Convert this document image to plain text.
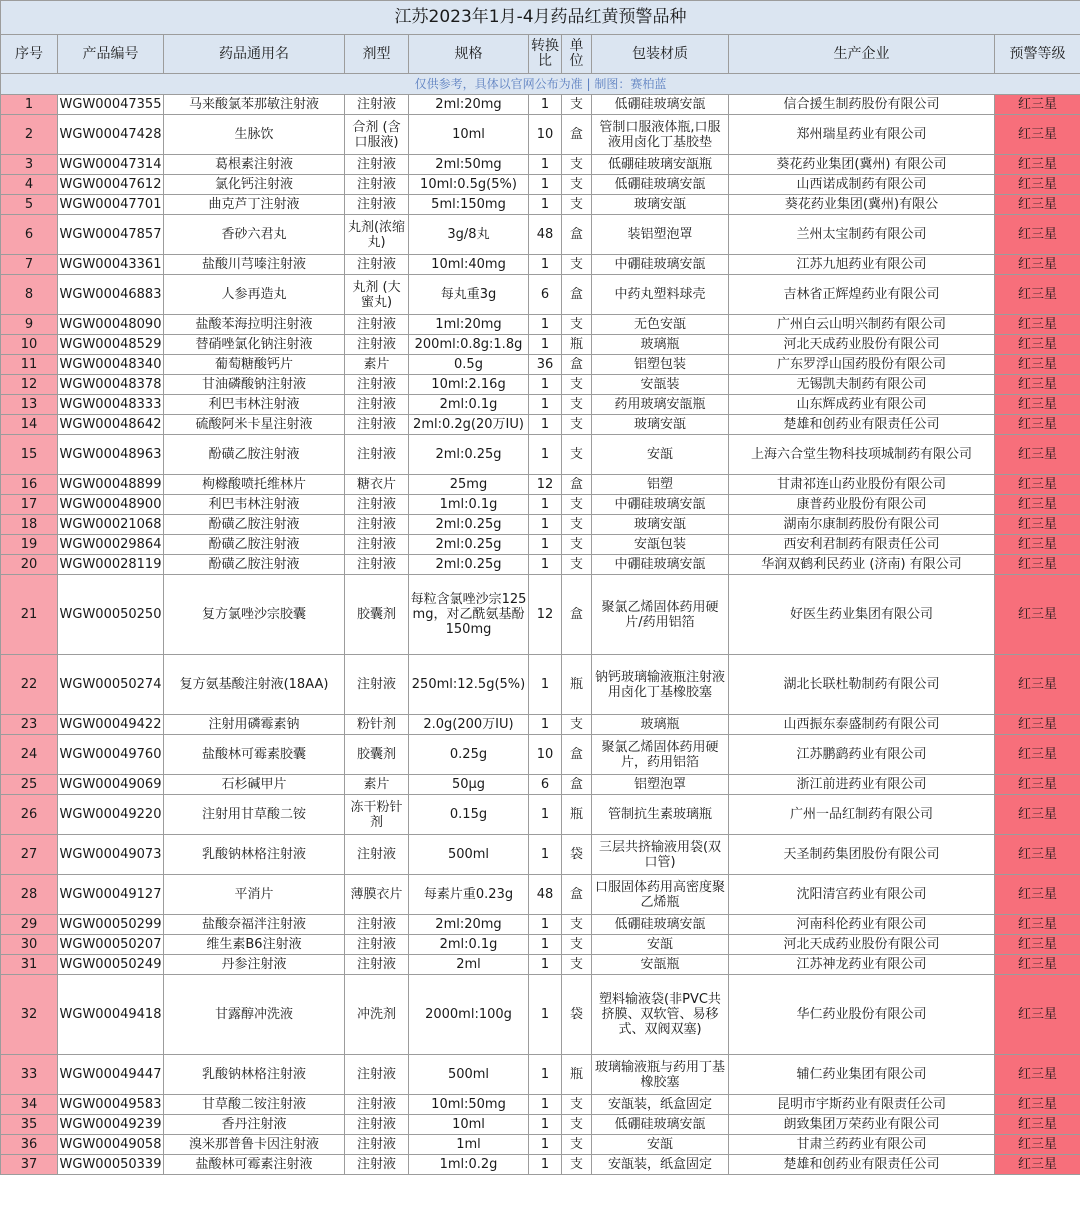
江苏2023年1月-4月药品红黄预警品种									
序号	产品编号	药品通用名	剂型	规格	转换比	单位	包装材质	生产企业	预警等级
仅供参考，具体以官网公布为准 | 制图：赛柏蓝									
1	WGW00047355	马来酸氯苯那敏注射液	注射液	2ml:20mg	1	支	低硼硅玻璃安瓿	信合援生制药股份有限公司	红三星
2	WGW00047428	生脉饮	合剂 (含口服液)	10ml	10	盒	管制口服液体瓶,口服液用卤化丁基胶垫	郑州瑞星药业有限公司	红三星
3	WGW00047314	葛根素注射液	注射液	2ml:50mg	1	支	低硼硅玻璃安瓿瓶	葵花药业集团(冀州) 有限公司	红三星
4	WGW00047612	氯化钙注射液	注射液	10ml:0.5g(5%)	1	支	低硼硅玻璃安瓿	山西诺成制药有限公司	红三星
5	WGW00047701	曲克芦丁注射液	注射液	5ml:150mg	1	支	玻璃安瓿	葵花药业集团(冀州)有限公	红三星
6	WGW00047857	香砂六君丸	丸剂(浓缩丸)	3g/8丸	48	盒	装铝塑泡罩	兰州太宝制药有限公司	红三星
7	WGW00043361	盐酸川芎嗪注射液	注射液	10ml:40mg	1	支	中硼硅玻璃安瓿	江苏九旭药业有限公司	红三星
8	WGW00046883	人参再造丸	丸剂 (大蜜丸)	每丸重3g	6	盒	中药丸塑料球壳	吉林省正辉煌药业有限公司	红三星
9	WGW00048090	盐酸苯海拉明注射液	注射液	1ml:20mg	1	支	无色安瓿	广州白云山明兴制药有限公司	红三星
10	WGW00048529	替硝唑氯化钠注射液	注射液	200ml:0.8g:1.8g	1	瓶	玻璃瓶	河北天成药业股份有限公司	红三星
11	WGW00048340	葡萄糖酸钙片	素片	0.5g	36	盒	铝塑包装	广东罗浮山国药股份有限公司	红三星
12	WGW00048378	甘油磷酸钠注射液	注射液	10ml:2.16g	1	支	安瓿装	无锡凯夫制药有限公司	红三星
13	WGW00048333	利巴韦林注射液	注射液	2ml:0.1g	1	支	药用玻璃安瓿瓶	山东辉成药业有限公司	红三星
14	WGW00048642	硫酸阿米卡星注射液	注射液	2ml:0.2g(20万IU)	1	支	玻璃安瓿	楚雄和创药业有限责任公司	红三星
15	WGW00048963	酚磺乙胺注射液	注射液	2ml:0.25g	1	支	安瓿	上海六合堂生物科技项城制药有限公司	红三星
16	WGW00048899	枸橼酸喷托维林片	糖衣片	25mg	12	盒	铝塑	甘肃祁连山药业股份有限公司	红三星
17	WGW00048900	利巴韦林注射液	注射液	1ml:0.1g	1	支	中硼硅玻璃安瓿	康普药业股份有限公司	红三星
18	WGW00021068	酚磺乙胺注射液	注射液	2ml:0.25g	1	支	玻璃安瓿	湖南尔康制药股份有限公司	红三星
19	WGW00029864	酚磺乙胺注射液	注射液	2ml:0.25g	1	支	安瓿包装	西安利君制药有限责任公司	红三星
20	WGW00028119	酚磺乙胺注射液	注射液	2ml:0.25g	1	支	中硼硅玻璃安瓿	华润双鹤利民药业 (济南) 有限公司	红三星
21	WGW00050250	复方氯唑沙宗胶囊	胶囊剂	每粒含氯唑沙宗125mg，对乙酰氨基酚150mg	12	盒	聚氯乙烯固体药用硬 片/药用铝箔	好医生药业集团有限公司	红三星
22	WGW00050274	复方氨基酸注射液(18AA)	注射液	250ml:12.5g(5%)	1	瓶	钠钙玻璃输液瓶注射液用卤化丁基橡胶塞	湖北长联杜勒制药有限公司	红三星
23	WGW00049422	注射用磷霉素钠	粉针剂	2.0g(200万IU)	1	支	玻璃瓶	山西振东泰盛制药有限公司	红三星
24	WGW00049760	盐酸林可霉素胶囊	胶囊剂	0.25g	10	盒	聚氯乙烯固体药用硬片，药用铝箔	江苏鹏鹞药业有限公司	红三星
25	WGW00049069	石杉碱甲片	素片	50μg	6	盒	铝塑泡罩	浙江前进药业有限公司	红三星
26	WGW00049220	注射用甘草酸二铵	冻干粉针剂	0.15g	1	瓶	管制抗生素玻璃瓶	广州一品红制药有限公司	红三星
27	WGW00049073	乳酸钠林格注射液	注射液	500ml	1	袋	三层共挤输液用袋(双口管)	天圣制药集团股份有限公司	红三星
28	WGW00049127	平消片	薄膜衣片	每素片重0.23g	48	盒	口服固体药用高密度聚乙烯瓶	沈阳清宫药业有限公司	红三星
29	WGW00050299	盐酸奈福泮注射液	注射液	2ml:20mg	1	支	低硼硅玻璃安瓿	河南科伦药业有限公司	红三星
30	WGW00050207	维生素B6注射液	注射液	2ml:0.1g	1	支	安瓿	河北天成药业股份有限公司	红三星
31	WGW00050249	丹参注射液	注射液	2ml	1	支	安瓿瓶	江苏神龙药业有限公司	红三星
32	WGW00049418	甘露醇冲洗液	冲洗剂	2000ml:100g	1	袋	塑料输液袋(非PVC共挤膜、双软管、易移式、双阀双塞)	华仁药业股份有限公司	红三星
33	WGW00049447	乳酸钠林格注射液	注射液	500ml	1	瓶	玻璃输液瓶与药用丁基橡胶塞	辅仁药业集团有限公司	红三星
34	WGW00049583	甘草酸二铵注射液	注射液	10ml:50mg	1	支	安瓿装，纸盒固定	昆明市宇斯药业有限责任公司	红三星
35	WGW00049239	香丹注射液	注射液	10ml	1	支	低硼硅玻璃安瓿	朗致集团万荣药业有限公司	红三星
36	WGW00049058	溴米那普鲁卡因注射液	注射液	1ml	1	支	安瓿	甘肃兰药药业有限公司	红三星
37	WGW00050339	盐酸林可霉素注射液	注射液	1ml:0.2g	1	支	安瓿装，纸盒固定	楚雄和创药业有限责任公司	红三星
